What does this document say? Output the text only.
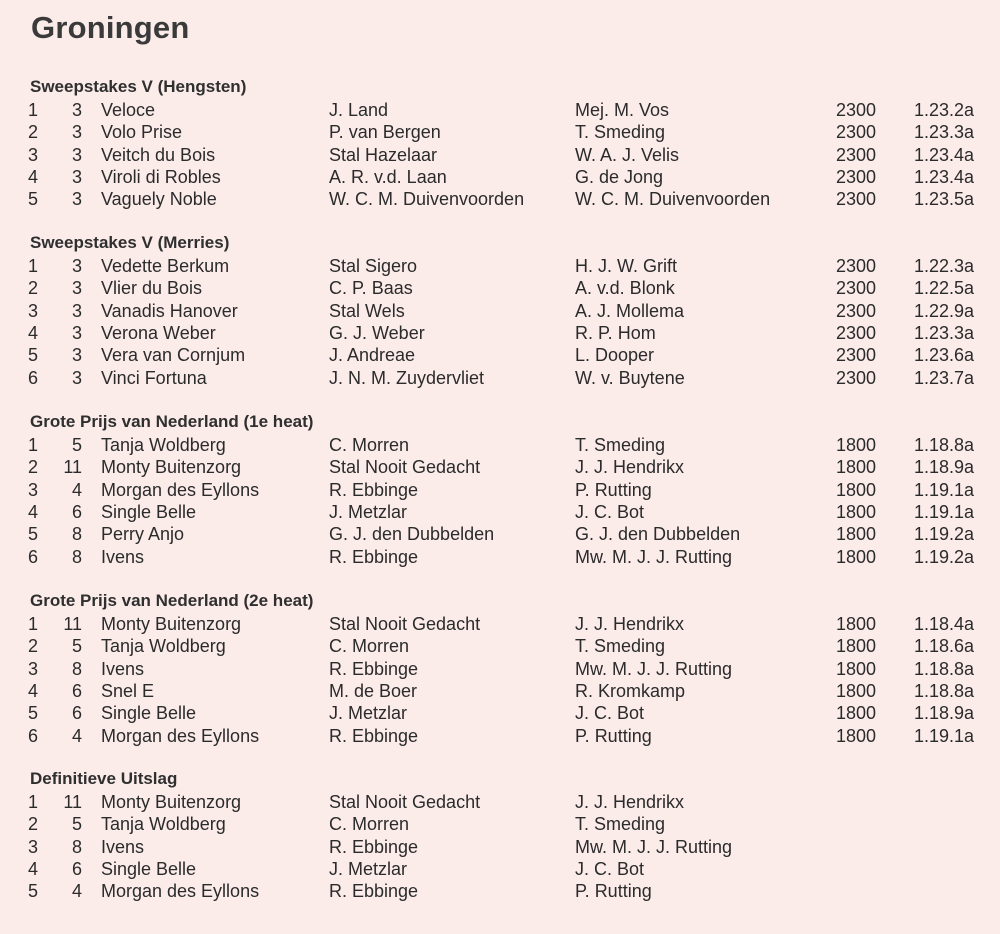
Groningen
Sweepstakes V (Hengsten)
1	3 Veloce	J. Land	Mej. M. Vos	2300 1.23.2a
2	3 Volo Prise	P. van Bergen	T. Smeding	2300 1.23.3a
3	3 Veitch du Bois	Stal Hazelaar	W. A. J. Velis	2300 1.23.4a
4	3 Viroli di Robles	A. R. v.d. Laan	G. de Jong	2300 1.23.4a
5	3 Vaguely Noble	W. C. M. Duivenvoorden	W. C. M. Duivenvoorden	2300 1.23.5a
Sweepstakes V (Merries)
1	3 Vedette Berkum	Stal Sigero	H. J. W. Grift	2300 1.22.3a
2	3 Vlier du Bois	C. P. Baas	A. v.d. Blonk	2300 1.22.5a
3	3 Vanadis Hanover	Stal Wels	A. J. Mollema	2300 1.22.9a
4	3 Verona Weber	G. J. Weber	R. P. Hom	2300 1.23.3a
5	3 Vera van Cornjum	J. Andreae	L. Dooper	2300 1.23.6a
6	3 Vinci Fortuna	J. N. M. Zuydervliet	W. v. Buytene	2300 1.23.7a
Grote Prijs van Nederland (1e heat)
1	5 Tanja Woldberg	C. Morren	T. Smeding	1800 1.18.8a
2 11 Monty Buitenzorg	Stal Nooit Gedacht	J. J. Hendrikx	1800 1.18.9a
3	4 Morgan des Eyllons	R. Ebbinge	P. Rutting	1800 1.19.1a
4	6 Single Belle	J. Metzlar	J. C. Bot	1800 1.19.1a
5	8 Perry Anjo	G. J. den Dubbelden	G. J. den Dubbelden	1800 1.19.2a
6	8 Ivens	R. Ebbinge	Mw. M. J. J. Rutting	1800 1.19.2a
Grote Prijs van Nederland (2e heat)
1 11 Monty Buitenzorg	Stal Nooit Gedacht	J. J. Hendrikx	1800 1.18.4a
2	5 Tanja Woldberg	C. Morren	T. Smeding	1800 1.18.6a
3	8 Ivens	R. Ebbinge	Mw. M. J. J. Rutting	1800 1.18.8a
4	6 Snel E	M. de Boer	R. Kromkamp	1800 1.18.8a
5	6 Single Belle	J. Metzlar	J. C. Bot	1800 1.18.9a
6	4 Morgan des Eyllons	R. Ebbinge	P. Rutting	1800 1.19.1a
Definitieve Uitslag
1 11 Monty Buitenzorg	Stal Nooit Gedacht	J. J. Hendrikx
2	5 Tanja Woldberg	C. Morren	T. Smeding
3	8 Ivens	R. Ebbinge	Mw. M. J. J. Rutting
4	6 Single Belle	J. Metzlar	J. C. Bot
5	4 Morgan des Eyllons	R. Ebbinge	P. Rutting
